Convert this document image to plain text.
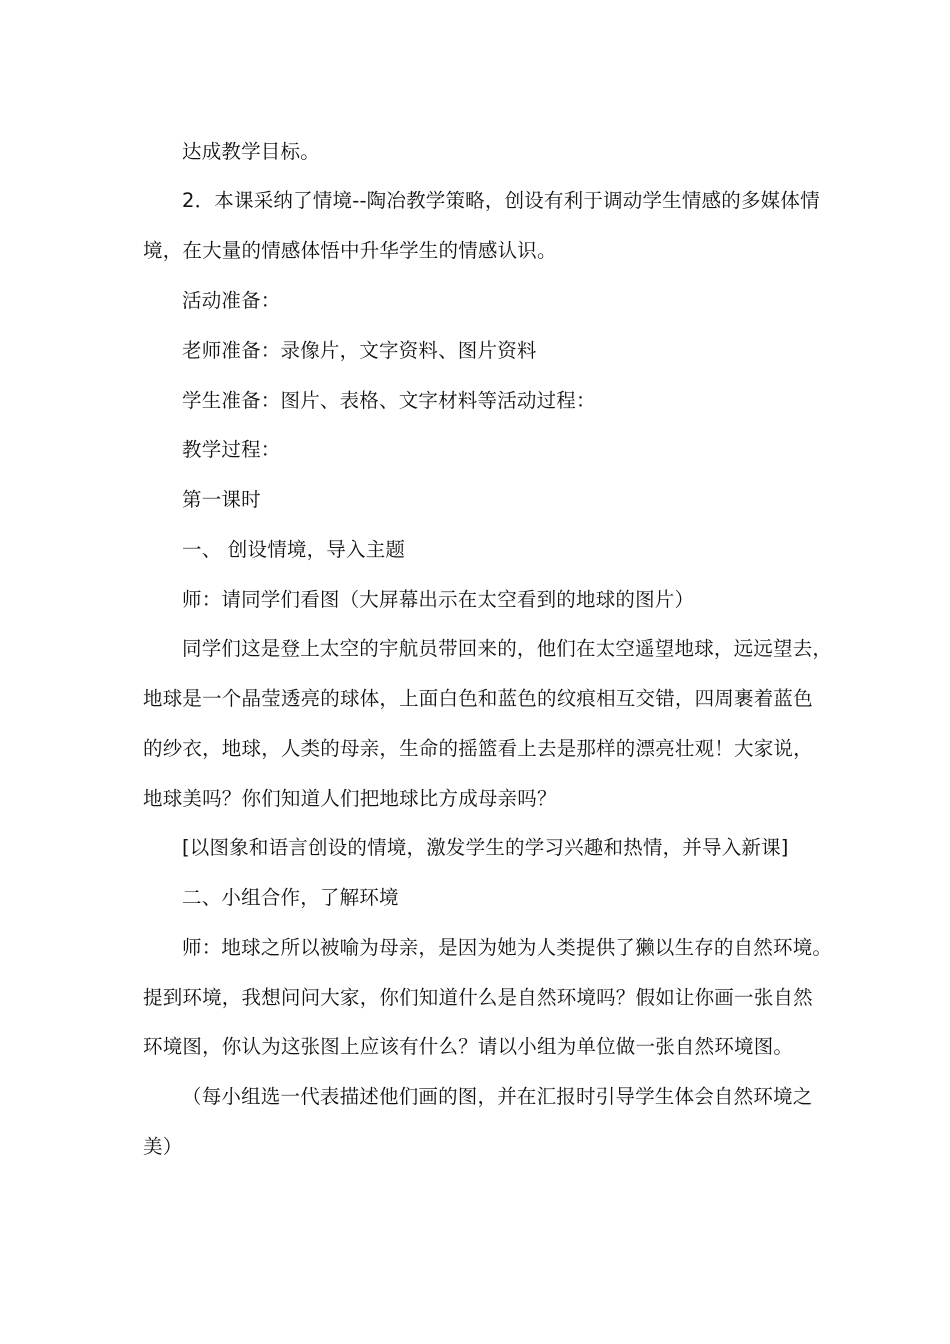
达成教学目标。
2．本课采纳了情境--陶冶教学策略，创设有利于调动学生情感的多媒体情
境，在大量的情感体悟中升华学生的情感认识。
活动准备：
老师准备：录像片，文字资料、图片资料
学生准备：图片、表格、文字材料等活动过程：
教学过程：
第一课时
一、 创设情境，导入主题
师：请同学们看图（大屏幕出示在太空看到的地球的图片）
同学们这是登上太空的宇航员带回来的，他们在太空遥望地球，远远望去，
地球是一个晶莹透亮的球体，上面白色和蓝色的纹痕相互交错，四周裹着蓝色
的纱衣，地球，人类的母亲，生命的摇篮看上去是那样的漂亮壮观！大家说，
地球美吗？你们知道人们把地球比方成母亲吗？
[以图象和语言创设的情境，激发学生的学习兴趣和热情，并导入新课]
二、小组合作，了解环境
师：地球之所以被喻为母亲，是因为她为人类提供了獭以生存的自然环境。
提到环境，我想问问大家，你们知道什么是自然环境吗？假如让你画一张自然
环境图，你认为这张图上应该有什么？请以小组为单位做一张自然环境图。
（每小组选一代表描述他们画的图，并在汇报时引导学生体会自然环境之
美）
